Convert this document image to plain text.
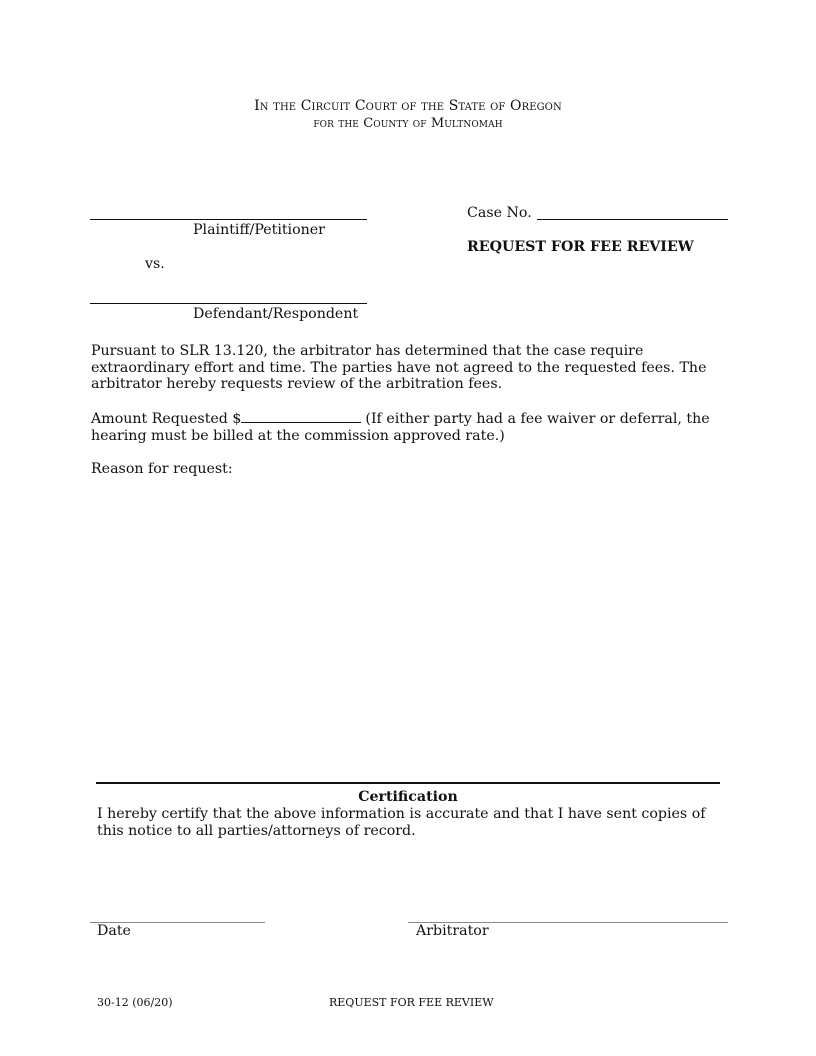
In the Circuit Court of the State of Oregon
for the County of Multnomah
Plaintiff/Petitioner
vs.
Defendant/Respondent
Case No.
REQUEST FOR FEE REVIEW
Pursuant to SLR 13.120, the arbitrator has determined that the case require extraordinary effort and time. The parties have not agreed to the requested fees. The arbitrator hereby requests review of the arbitration fees.
Amount Requested $	(If either party had a fee waiver or deferral, the hearing must be billed at the commission approved rate.)
Reason for request:
Certification
I hereby certify that the above information is accurate and that I have sent copies of this notice to all parties/attorneys of record.
Date	Arbitrator
30-12 (06/20)	REQUEST FOR FEE REVIEW
